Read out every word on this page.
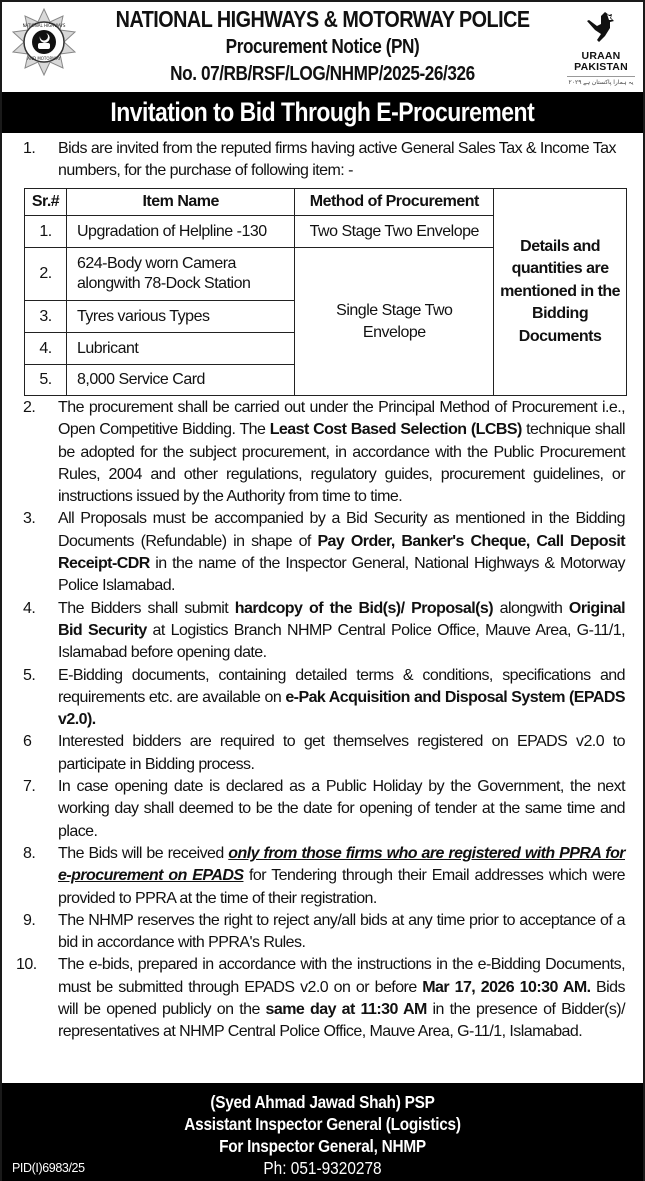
NATIONAL HIGHWAYS
AND MOTORWAY
NATIONAL HIGHWAYS & MOTORWAY POLICE
Procurement Notice (PN)
No. 07/RB/RSF/LOG/NHMP/2025-26/326
URAAN
PAKISTAN
۲۰۲۹ یہ ہمارا پاکستان ہے
Invitation to Bid Through E-Procurement
1. Bids are invited from the reputed firms having active General Sales Tax & Income Tax numbers, for the purchase of following item: -
Sr.#	Item Name	Method of Procurement	Details and quantities are mentioned in the Bidding Documents
1.	Upgradation of Helpline -130	Two Stage Two Envelope	
2.	624-Body worn Camera alongwith 78-Dock Station	Single Stage Two Envelope	
3.	Tyres various Types		
4.	Lubricant		
5.	8,000 Service Card		
2. The procurement shall be carried out under the Principal Method of Procurement i.e., Open Competitive Bidding. The Least Cost Based Selection (LCBS) technique shall be adopted for the subject procurement, in accordance with the Public Procurement Rules, 2004 and other regulations, regulatory guides, procurement guidelines, or instructions issued by the Authority from time to time.
3. All Proposals must be accompanied by a Bid Security as mentioned in the Bidding Documents (Refundable) in shape of Pay Order, Banker's Cheque, Call Deposit Receipt-CDR in the name of the Inspector General, National Highways & Motorway Police Islamabad.
4. The Bidders shall submit hardcopy of the Bid(s)/ Proposal(s) alongwith Original Bid Security at Logistics Branch NHMP Central Police Office, Mauve Area, G-11/1, Islamabad before opening date.
5. E-Bidding documents, containing detailed terms & conditions, specifications and requirements etc. are available on e-Pak Acquisition and Disposal System (EPADS v2.0).
6 Interested bidders are required to get themselves registered on EPADS v2.0 to participate in Bidding process.
7. In case opening date is declared as a Public Holiday by the Government, the next working day shall deemed to be the date for opening of tender at the same time and place.
8. The Bids will be received only from those firms who are registered with PPRA for e-procurement on EPADS for Tendering through their Email addresses which were provided to PPRA at the time of their registration.
9. The NHMP reserves the right to reject any/all bids at any time prior to acceptance of a bid in accordance with PPRA's Rules.
10. The e-bids, prepared in accordance with the instructions in the e-Bidding Documents, must be submitted through EPADS v2.0 on or before Mar 17, 2026 10:30 AM. Bids will be opened publicly on the same day at 11:30 AM in the presence of Bidder(s)/ representatives at NHMP Central Police Office, Mauve Area, G-11/1, Islamabad.
(Syed Ahmad Jawad Shah) PSP
Assistant Inspector General (Logistics)
For Inspector General, NHMP
Ph: 051-9320278
PID(I)6983/25
